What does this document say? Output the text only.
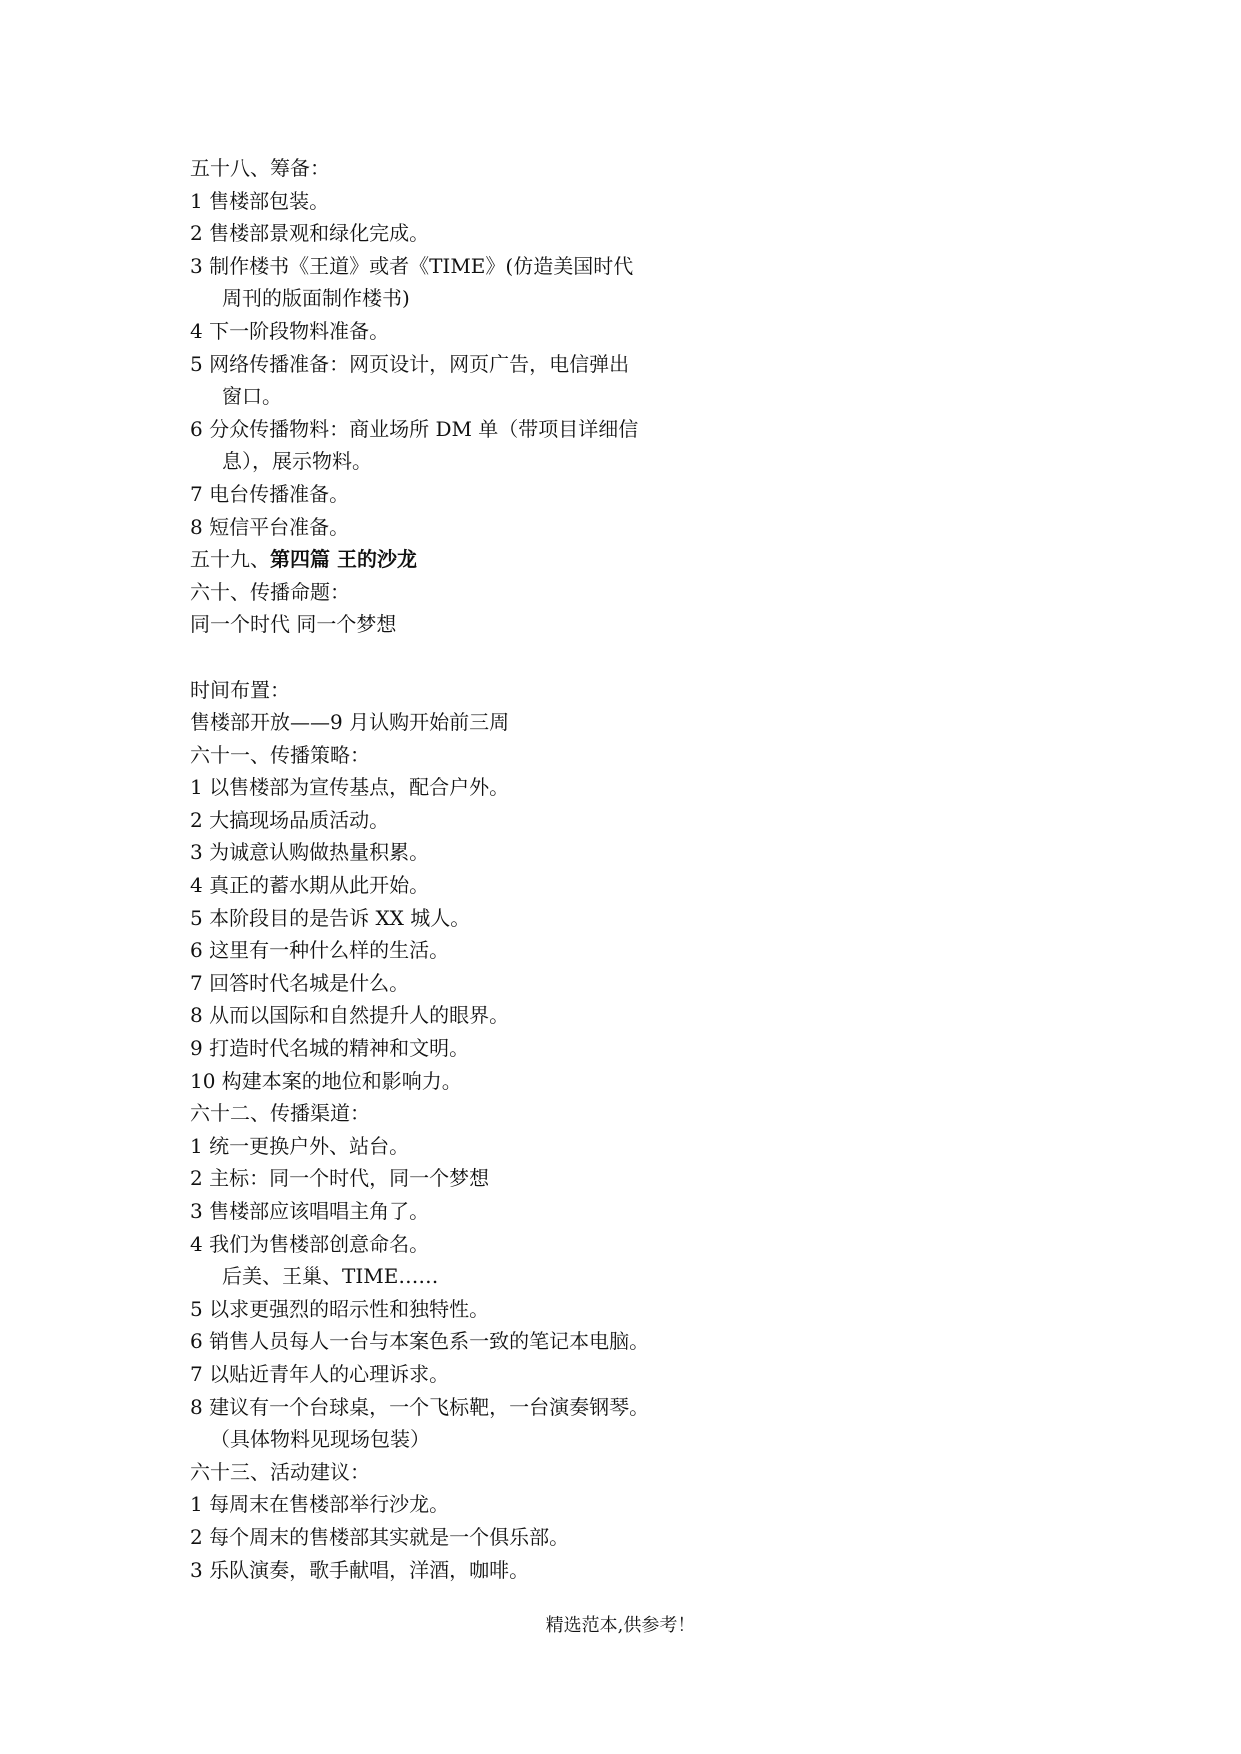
五十八、筹备：
1 售楼部包装。
2 售楼部景观和绿化完成。
3 制作楼书《王道》或者《TIME》(仿造美国时代
周刊的版面制作楼书)
4 下一阶段物料准备。
5 网络传播准备：网页设计，网页广告，电信弹出
窗口。
6 分众传播物料：商业场所 DM 单（带项目详细信
息），展示物料。
7 电台传播准备。
8 短信平台准备。
五十九、第四篇 王的沙龙
六十、传播命题：
同一个时代 同一个梦想
时间布置：
售楼部开放——9 月认购开始前三周
六十一、传播策略：
1 以售楼部为宣传基点，配合户外。
2 大搞现场品质活动。
3 为诚意认购做热量积累。
4 真正的蓄水期从此开始。
5 本阶段目的是告诉 XX 城人。
6 这里有一种什么样的生活。
7 回答时代名城是什么。
8 从而以国际和自然提升人的眼界。
9 打造时代名城的精神和文明。
10 构建本案的地位和影响力。
六十二、传播渠道：
1 统一更换户外、站台。
2 主标：同一个时代，同一个梦想
3 售楼部应该唱唱主角了。
4 我们为售楼部创意命名。
后美、王巢、TIME……
5 以求更强烈的昭示性和独特性。
6 销售人员每人一台与本案色系一致的笔记本电脑。
7 以贴近青年人的心理诉求。
8 建议有一个台球桌，一个飞标靶，一台演奏钢琴。
（具体物料见现场包装）
六十三、活动建议：
1 每周末在售楼部举行沙龙。
2 每个周末的售楼部其实就是一个俱乐部。
3 乐队演奏，歌手献唱，洋酒，咖啡。
精选范本,供参考！
